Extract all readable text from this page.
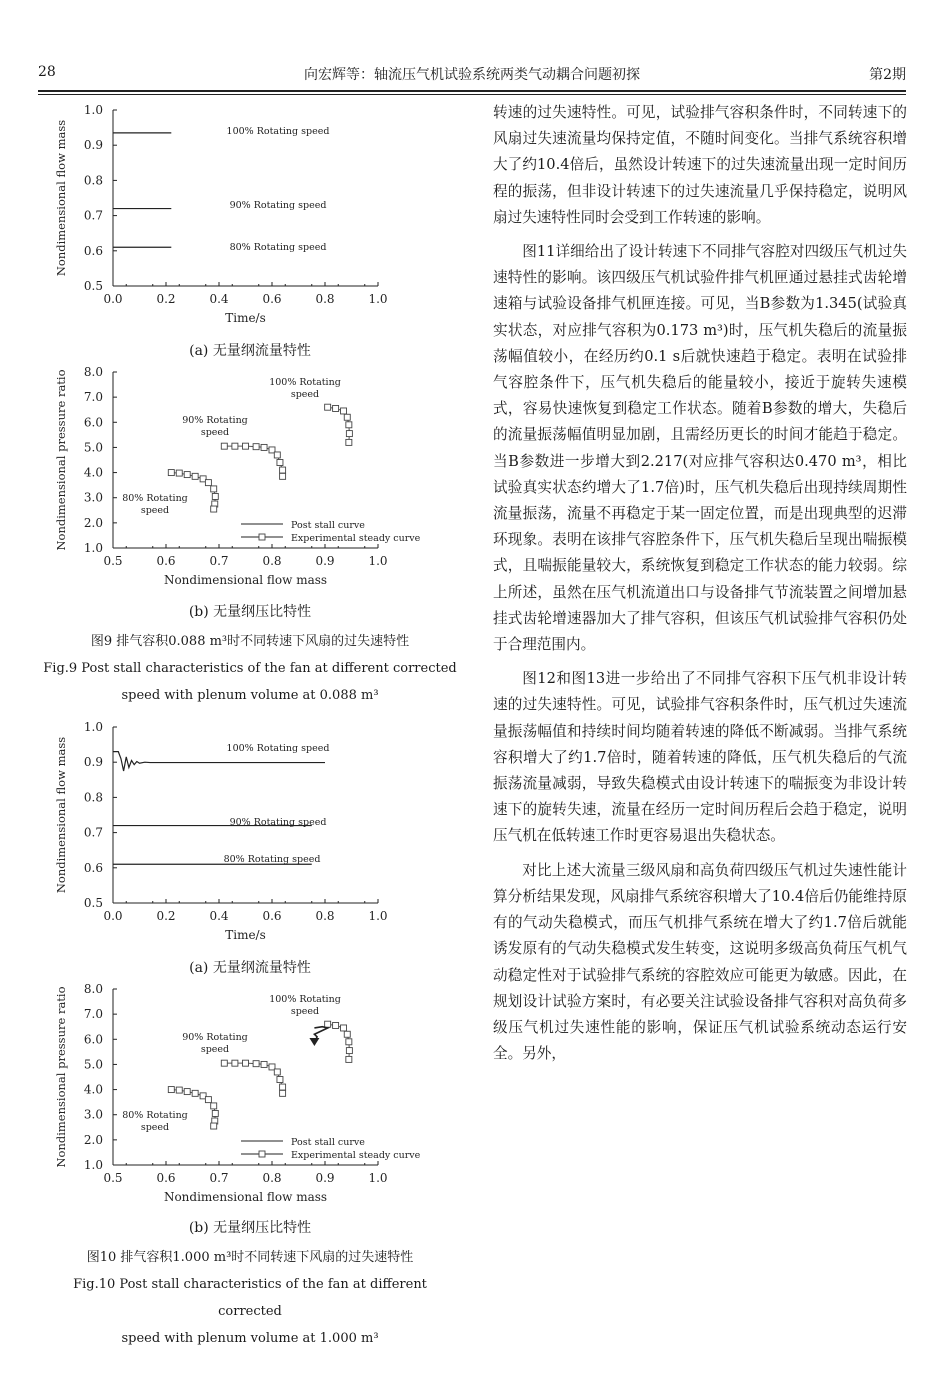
28	向宏辉等：轴流压气机试验系统两类气动耦合问题初探	第2期
0.0	0.2	0.4	0.6	0.8	1.0
0.5
0.6
0.7
0.8
0.9
1.0
Time/s
Nondimensional flow mass	100% Rotating speed
90% Rotating speed
80% Rotating speed
(a) 无量纲流量特性
0.5	0.6	0.7	0.8	0.9	1.0
1.0
2.0
3.0
4.0
5.0
6.0
7.0
8.0
Nondimensional flow mass
Nondimensional pressure ratio	100% Rotating
speed
90% Rotating
speed
80% Rotating
speed
Post stall curve
Experimental steady curve
(b) 无量纲压比特性
图9 排气容积0.088 m³时不同转速下风扇的过失速特性
Fig.9 Post stall characteristics of the fan at different corrected
speed with plenum volume at 0.088 m³
0.0	0.2	0.4	0.6	0.8	1.0
0.5
0.6
0.7
0.8
0.9
1.0
Time/s
Nondimensional flow mass	100% Rotating speed
90% Rotating speed
80% Rotating speed
(a) 无量纲流量特性
0.5	0.6	0.7	0.8	0.9	1.0
1.0
2.0
3.0
4.0
5.0
6.0
7.0
8.0
Nondimensional flow mass
Nondimensional pressure ratio	100% Rotating
speed
90% Rotating
speed
80% Rotating
speed
Post stall curve
Experimental steady curve
(b) 无量纲压比特性
图10 排气容积1.000 m³时不同转速下风扇的过失速特性
Fig.10 Post stall characteristics of the fan at different corrected
speed with plenum volume at 1.000 m³

转速的过失速特性。可见，试验排气容积条件时，不同转速下的风扇过失速流量均保持定值，不随时间变化。当排气系统容积增大了约10.4倍后，虽然设计转速下的过失速流量出现一定时间历程的振荡，但非设计转速下的过失速流量几乎保持稳定，说明风扇过失速特性同时会受到工作转速的影响。

图11详细给出了设计转速下不同排气容腔对四级压气机过失速特性的影响。该四级压气机试验件排气机匣通过悬挂式齿轮增速箱与试验设备排气机匣连接。可见，当B参数为1.345(试验真实状态，对应排气容积为0.173 m³)时，压气机失稳后的流量振荡幅值较小，在经历约0.1 s后就快速趋于稳定。表明在试验排气容腔条件下，压气机失稳后的能量较小，接近于旋转失速模式，容易快速恢复到稳定工作状态。随着B参数的增大，失稳后的流量振荡幅值明显加剧，且需经历更长的时间才能趋于稳定。当B参数进一步增大到2.217(对应排气容积达0.470 m³，相比试验真实状态约增大了1.7倍)时，压气机失稳后出现持续周期性流量振荡，流量不再稳定于某一固定位置，而是出现典型的迟滞环现象。表明在该排气容腔条件下，压气机失稳后呈现出喘振模式，且喘振能量较大，系统恢复到稳定工作状态的能力较弱。综上所述，虽然在压气机流道出口与设备排气节流装置之间增加悬挂式齿轮增速器加大了排气容积，但该压气机试验排气容积仍处于合理范围内。

图12和图13进一步给出了不同排气容积下压气机非设计转速的过失速特性。可见，试验排气容积条件时，压气机过失速流量振荡幅值和持续时间均随着转速的降低不断减弱。当排气系统容积增大了约1.7倍时，随着转速的降低，压气机失稳后的气流振荡流量减弱，导致失稳模式由设计转速下的喘振变为非设计转速下的旋转失速，流量在经历一定时间历程后会趋于稳定，说明压气机在低转速工作时更容易退出失稳状态。

对比上述大流量三级风扇和高负荷四级压气机过失速性能计算分析结果发现，风扇排气系统容积增大了10.4倍后仍能维持原有的气动失稳模式，而压气机排气系统在增大了约1.7倍后就能诱发原有的气动失稳模式发生转变，这说明多级高负荷压气机气动稳定性对于试验排气系统的容腔效应可能更为敏感。因此，在规划设计试验方案时，有必要关注试验设备排气容积对高负荷多级压气机过失速性能的影响，保证压气机试验系统动态运行安全。另外，
